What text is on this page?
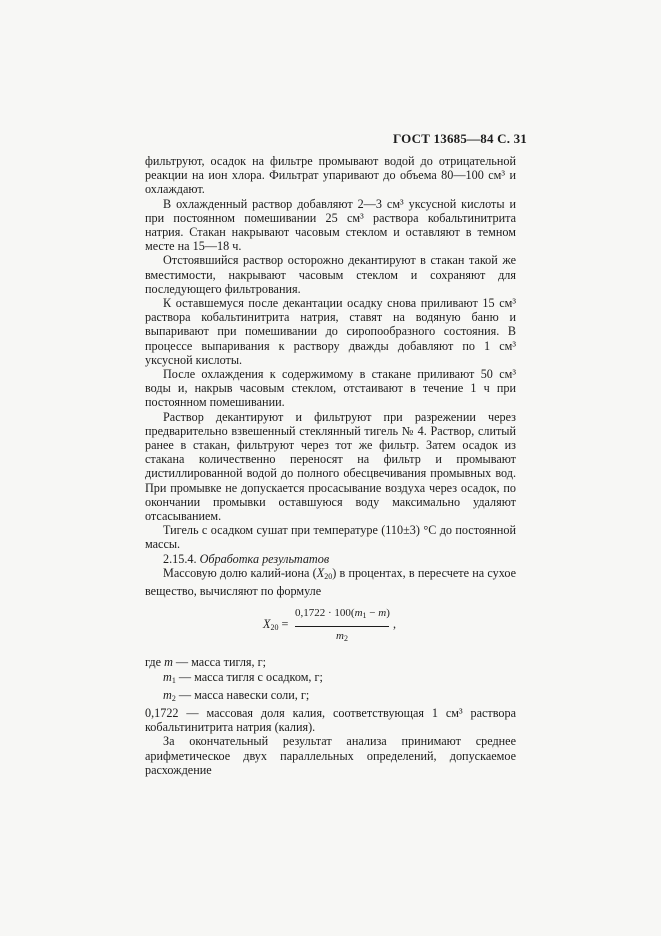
ГОСТ 13685—84 С. 31

фильтруют, осадок на фильтре промывают водой до отрицательной реакции на ион хлора. Фильтрат упаривают до объема 80—100 см³ и охлаждают.

В охлажденный раствор добавляют 2—3 см³ уксусной кислоты и при постоянном помешивании 25 см³ раствора кобальтинитрита натрия. Стакан накрывают часовым стеклом и оставляют в темном месте на 15—18 ч.

Отстоявшийся раствор осторожно декантируют в стакан такой же вместимости, накрывают часовым стеклом и сохраняют для последующего фильтрования.

К оставшемуся после декантации осадку снова приливают 15 см³ раствора кобальтинитрита натрия, ставят на водяную баню и выпаривают при помешивании до сиропообразного состояния. В процессе выпаривания к раствору дважды добавляют по 1 см³ уксусной кислоты.

После охлаждения к содержимому в стакане приливают 50 см³ воды и, накрыв часовым стеклом, отстаивают в течение 1 ч при постоянном помешивании.

Раствор декантируют и фильтруют при разрежении через предварительно взвешенный стеклянный тигель № 4. Раствор, слитый ранее в стакан, фильтруют через тот же фильтр. Затем осадок из стакана количественно переносят на фильтр и промывают дистиллированной водой до полного обесцвечивания промывных вод. При промывке не допускается просасывание воздуха через осадок, по окончании промывки оставшуюся воду максимально удаляют отсасыванием.

Тигель с осадком сушат при температуре (110±3) °С до постоянной массы.

2.15.4. Обработка результатов

Массовую долю калий-иона $(X_{20})$ в процентах, в пересчете на сухое вещество, вычисляют по формуле

$X_{20} = \frac{0,1722 \cdot 100(m_1 - m)}{m_2}$ ,

где m — масса тигля, г;

$m_1$ — масса тигля с осадком, г;

$m_2$ — масса навески соли, г;

0,1722 — массовая доля калия, соответствующая 1 см³ раствора кобальтинитрита натрия (калия).

За окончательный результат анализа принимают среднее арифметическое двух параллельных определений, допускаемое расхождение
